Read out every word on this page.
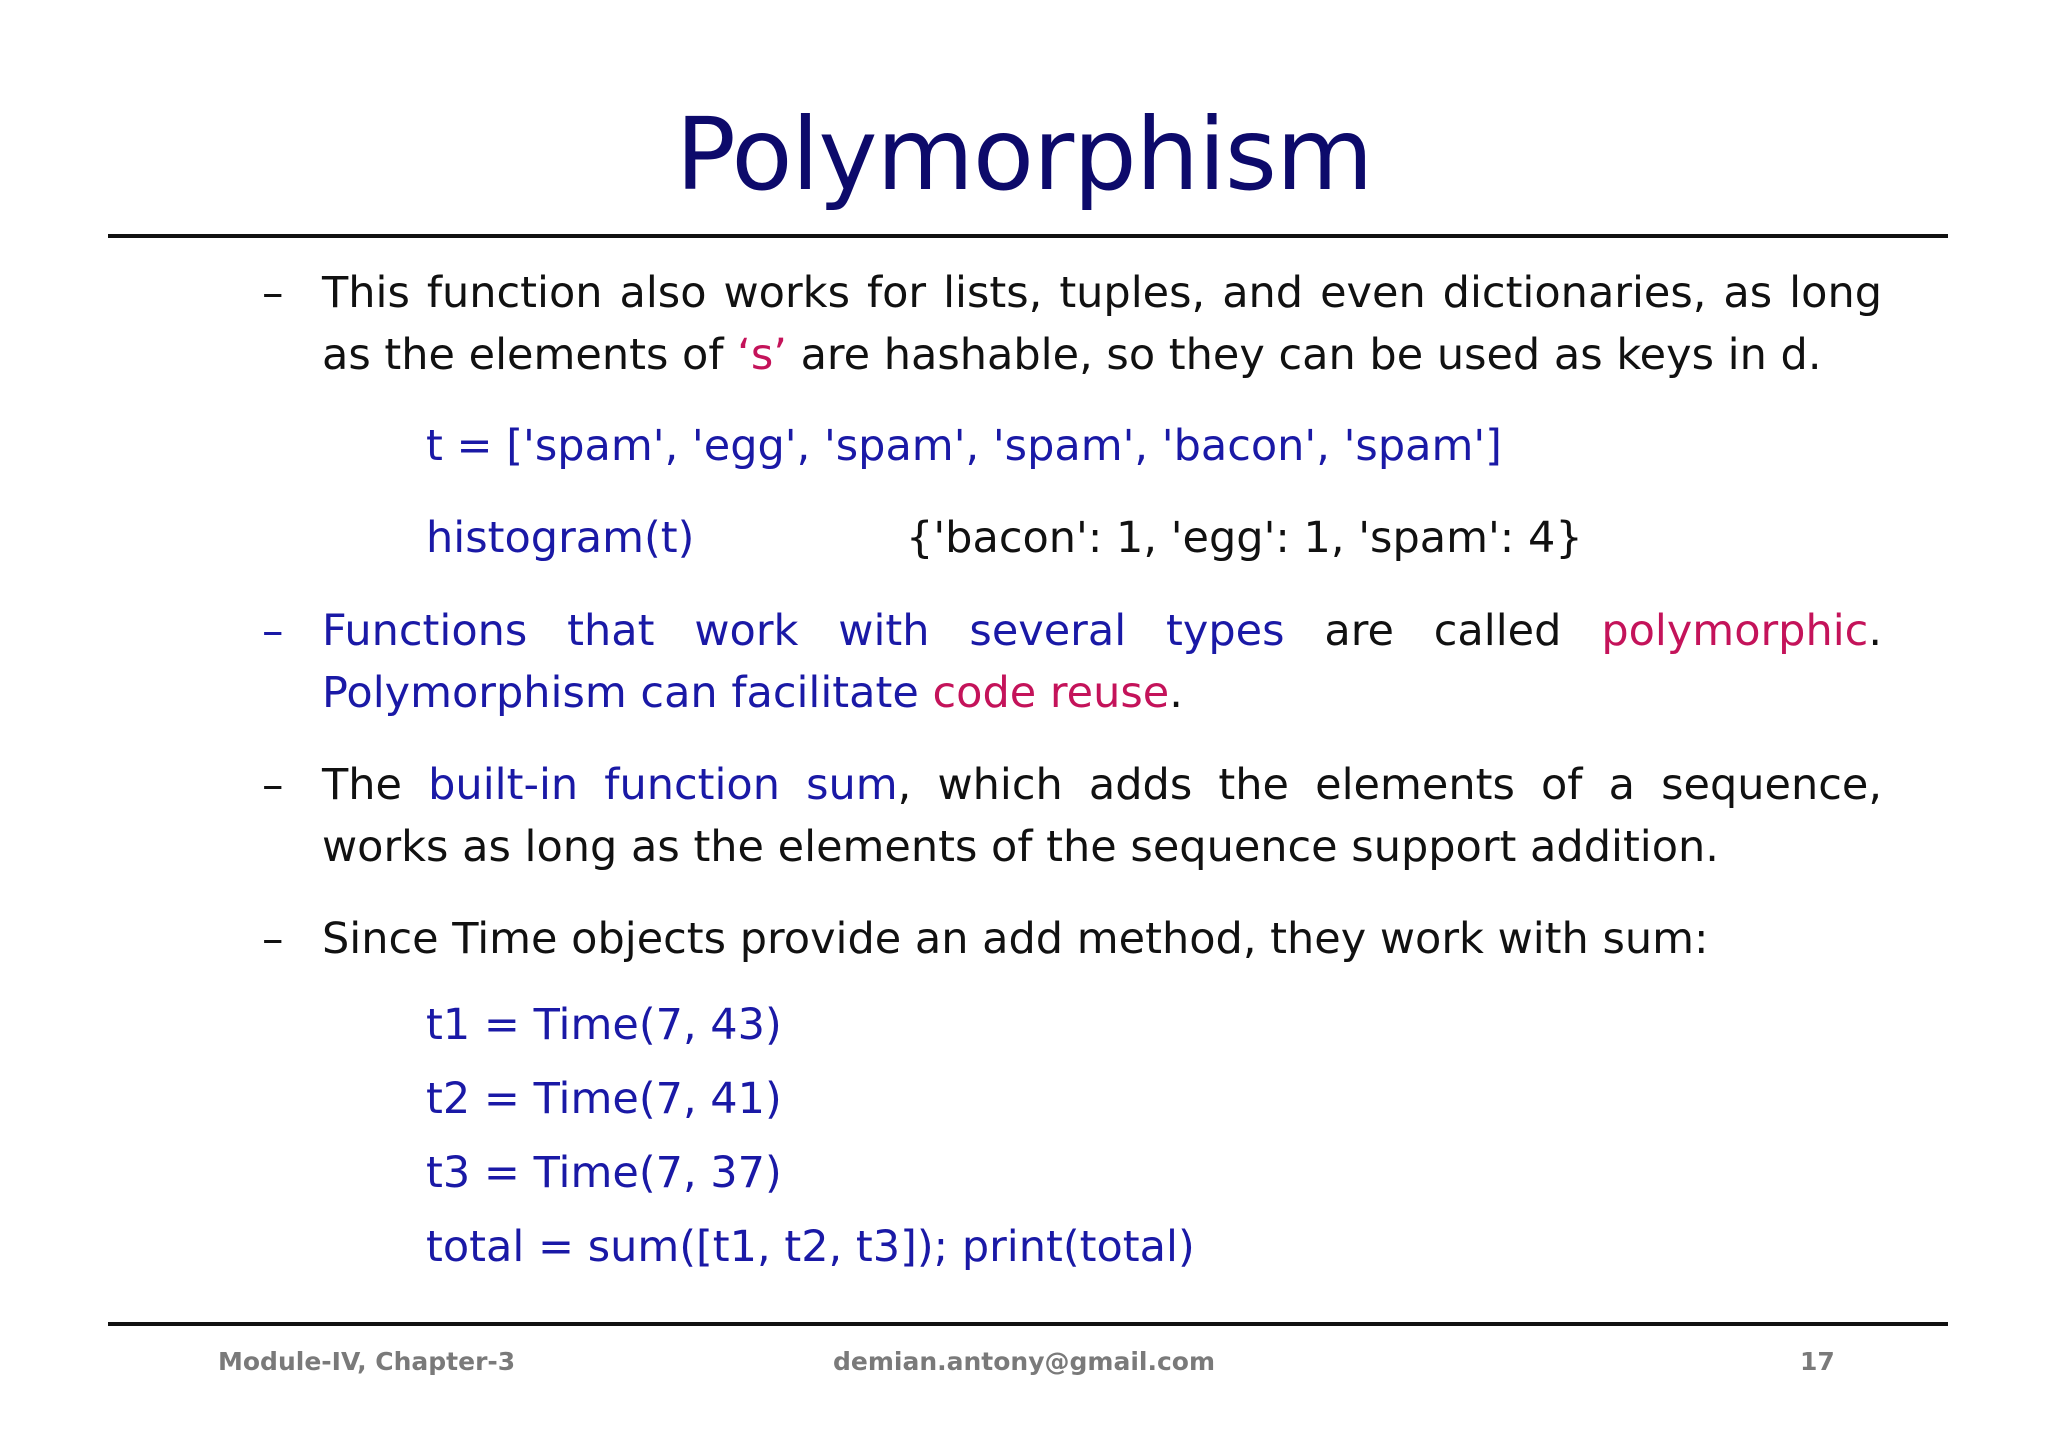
Polymorphism
– This function also works for lists, tuples, and even dictionaries, as long as the elements of ‘s’ are hashable, so they can be used as keys in d.
t = ['spam', 'egg', 'spam', 'spam', 'bacon', 'spam']
histogram(t)	{'bacon': 1, 'egg': 1, 'spam': 4}
– Functions that work with several types are called polymorphic. Polymorphism can facilitate code reuse.
– The built-in function sum, which adds the elements of a sequence, works as long as the elements of the sequence support addition.
– Since Time objects provide an add method, they work with sum:
t1 = Time(7, 43)
t2 = Time(7, 41)
t3 = Time(7, 37)
total = sum([t1, t2, t3]); print(total)
Module-IV, Chapter-3	demian.antony@gmail.com	17
